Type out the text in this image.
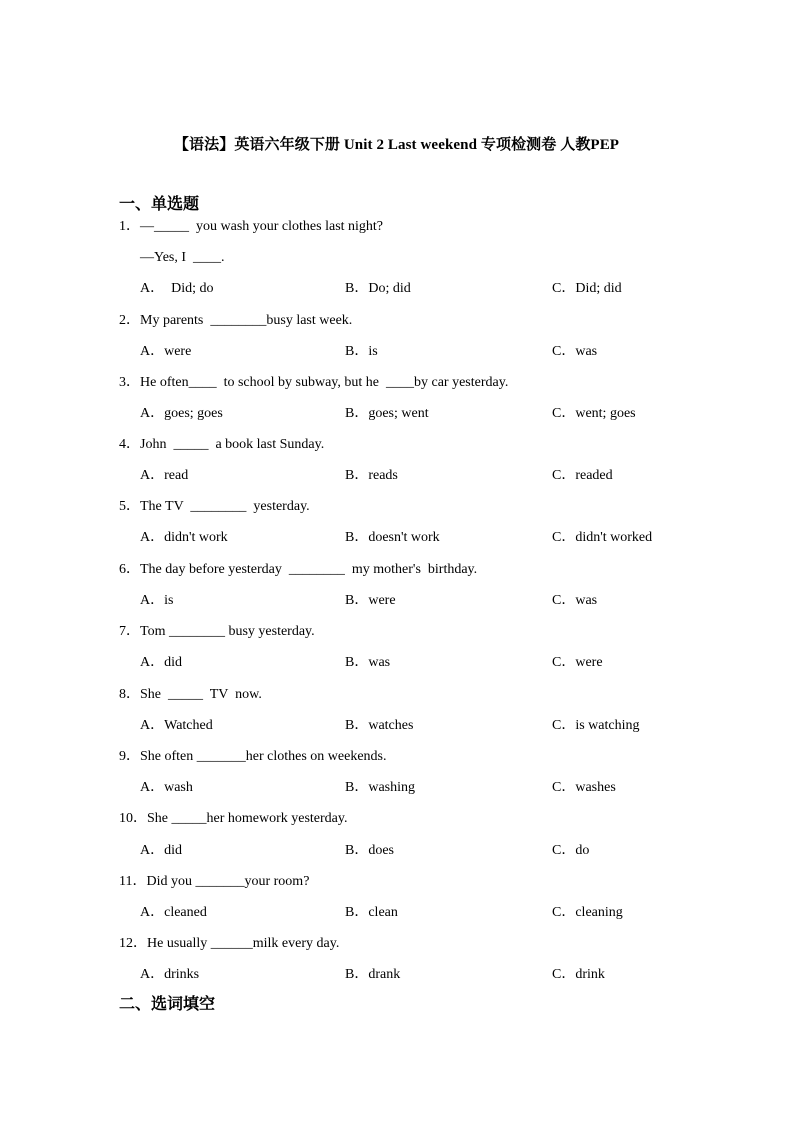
【语法】英语六年级下册 Unit 2 Last weekend 专项检测卷 人教PEP
一、单选题
1．—_____  you wash your clothes last night?
—Yes, I  ____.
A．  Did; do	B．Do; did	C．Did; did
2．My parents  ________busy last week.
A．were	B．is	C．was
3．He often____  to school by subway, but he  ____by car yesterday.
A．goes; goes	B．goes; went	C．went; goes
4．John  _____  a book last Sunday.
A．read	B．reads	C．readed
5．The TV  ________  yesterday.
A．didn't work	B．doesn't work	C．didn't worked
6．The day before yesterday  ________  my mother's  birthday.
A．is	B．were	C．was
7．Tom ________ busy yesterday.
A．did	B．was	C．were
8．She  _____  TV  now.
A．Watched	B．watches	C．is watching
9．She often _______her clothes on weekends.
A．wash	B．washing	C．washes
10．She _____her homework yesterday.
A．did	B．does	C．do
11．Did you _______your room?
A．cleaned	B．clean	C．cleaning
12．He usually ______milk every day.
A．drinks	B．drank	C．drink
二、选词填空
